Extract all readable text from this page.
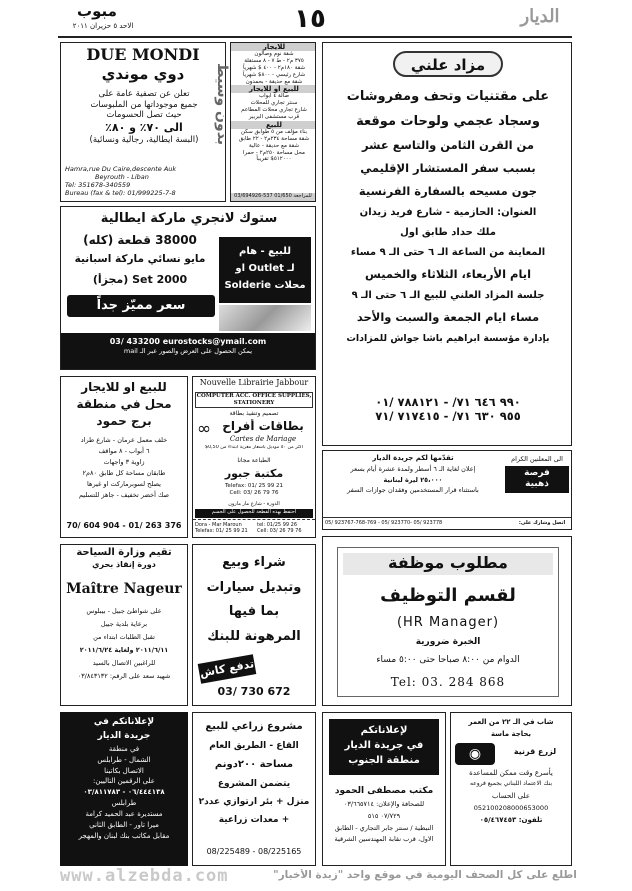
مبوب
الاحد ٥ حزيران ٢٠١١	١٥	الديار
DUE MONDI
دوي موندي
تعلن عن تصفية عامة على
جميع موجوداتها من الملبوسات
حيث تصل الحسومات
الى ٧٠٪ و ٨٠٪
(البسة ايطالية، رجالية ونسائية)
Hamra,rue Du Caire,descente Auk
Beyrouth - Liban
Tel: 351678-340559
Bureau (fax & tel): 01/999225-7-8
للايجار
شقة نوم وصالون
٣٧٥ م٢ - ط ٧ - ٨ مستقلة
شقة ١٨٠م٢ - ٤٠٠ $ شهرياً
شارع رئيسي - ٨٠٠$ شهرياً
شقة مع حديقة - بحمدون
للبيع او للايجار
صالة ٤ ابواب
سنتر تجاري للمحلات
شارع تجاري محلات المطاعم
قرب مستشفى البربير
للبيع
بناء مؤلف من ٥ طوابق سكن
شقة مساحة ٢٣٤م٢ - ٢٢ طابق
شقة مع حديقة - عالية
محل مساحة ٢٥٠م٢ - حمرا
٥١٢٠٠٠$ تقريباً
للمراجعة 01/650 537-03/694926
بدون وسيط	مزاد علني
على مقتنيات وتحف ومفروشات
وسجاد عجمي ولوحات موقعة
من القرن الثامن والتاسع عشر
بسبب سفر المستشار الإقليمي
جون مسيحه بالسفارة الفرنسية
العنوان: الحازمية - شارع فريد زيدان
ملك حداد طابق اول
المعاينة من الساعة الـ ٦ حتى الـ ٩ مساء
ايام الأربعاء، الثلاثاء والخميس
جلسة المزاد العلني للبيع الـ ٦ حتى الـ ٩
مساء ايام الجمعة والسبت والأحد
بإدارة مؤسسة ابراهيم باشا جواش للمزادات
٩٩٠ ٦٤٦ ٧١/ - ٧٨٨١٢١ /٠١
٩٥٥ ٦٣٠ ٧١/ - ٧١٧٤١٥ /٧١
ستوك لانجري ماركة ايطالية
38000 قطعة (كله)
مايو نسائي ماركة اسبانية
2000 Set (مجزأ)
سعر مميّز جداً
للبيع - هام
لـ Outlet او
محلات Solderie
03/ 433200 eurostocks@ymail.com
يمكن الحصول على العرض والصور عبر الـ mail
للبيع او للايجار
محل في منطقة
برج حمود
خلف معمل عرمان - شارع طراد
٦ أبواب - ٨ مواقف
زاوية ٣ واجهات
طابقان مساحة كل طابق ٨٠م٢
يصلح لسوبرماركت او غيرها
صك أخضر تخفيف - جاهز للتسليم
70/ 604 904 - 01/ 263 376
Nouvelle Librairie Jabbour
COMPUTER ACC. OFFICE SUPPLIES, STATIONERY
تصميم وتنفيذ بطاقة
∞ بطاقات أفراح
Cartes de Mariage
اكثر من ٥٠ موديل باسعار مغرية ابتداء من 0,50$
الطباعة مجاناً
مكتبة جبور
Telefax: 01/ 25 99 21
Cell: 03/ 26 79 76
الدورة - شارع مار مارون
احتفظ بهذه القطعة للحصول على الحسم
Dora - Mar Maroun
Telefax: 01/ 25 99 21
tel: 01/25 99 26
Cell: 03/ 26 79 76
تقدّمها لكم جريدة الديار
إعلان لغاية الـ ٦ أسطر ولمدة عشرة أيام بسعر
٢٥،٠٠٠ ليرة لبنانية
باستثناء قرار المستخدمين وفقدان جوازات السفر
الى المعلنين الكرام
فرصة
ذهبية
05/ 923767-768-769 - 05/ 923770- 05/ 923778	اتصل وشارك على:
تقيم وزارة السياحة
دورة إنقاذ بحري
Maître Nageur
على شواطئ جبيل - بيبلوس
برعاية بلدية جبيل
تقبل الطلبات ابتداء من
٢٠١١/٦/١١ ولغاية ٢٠١١/٦/٢٤
للراغبين الاتصال بالسيد
شهيد سعد على الرقم: ٠٣/٨٤٣١٣٢
شراء وبيع
وتبديل سيارات
بما فيها
المرهونة للبنك
تدفع كاش
03/ 730 672
مطلوب موظفة
لقسم التوظيف
(HR Manager)
الخبرة ضرورية
الدوام من ٨:٠٠ صباحاً حتى ٥:٠٠ مساء
Tel: 03. 284 868
لإعلاناتكم في
جريدة الديار
في منطقة
الشمال - طرابلس
الاتصال بكاتبنا
على الرقمين التاليين:
٠٦/٤٤٤١٣٨ - ٠٣/٨١١٧٨٣
طرابلس
مستديرة عبد الحميد كرامة
ميرا تاور - الطابق الثاني
مقابل مكاتب بنك لبنان والمهجر
مشروع زراعي للبيع
القاع - الطريق العام
مساحة ٢٠٠دونم
يتضمن المشروع
منزل + بئر ارتوازي عدد٢
+ معدات زراعية
08/225489 - 08/225165
لإعلاناتكم
في جريدة الديار
منطقة الجنوب
مكتب مصطفى الحمود
للصحافة والإعلان: ٠٣/٦٦٥٧١٤
٠٧/٧٢٩ ٥١٥
النبطية / سنتر جابر التجاري - الطابق
الاول، قرب نقابة المهندسين الشرقية
شاب في الـ ٢٢ من العمر
بحاجة ماسة
◉	لزرع قرنية
يأسرع وقت ممكن للمساعدة
بنك الاعتماد اللبناني بجميع فروعه
على الحساب
052100208000653000
تلفون: ٠٥/٤٦٧٤٥٣
www.alzebda.com	اطلع على كل الصحف اليومية في موقع واحد "زبدة الأخبار"
